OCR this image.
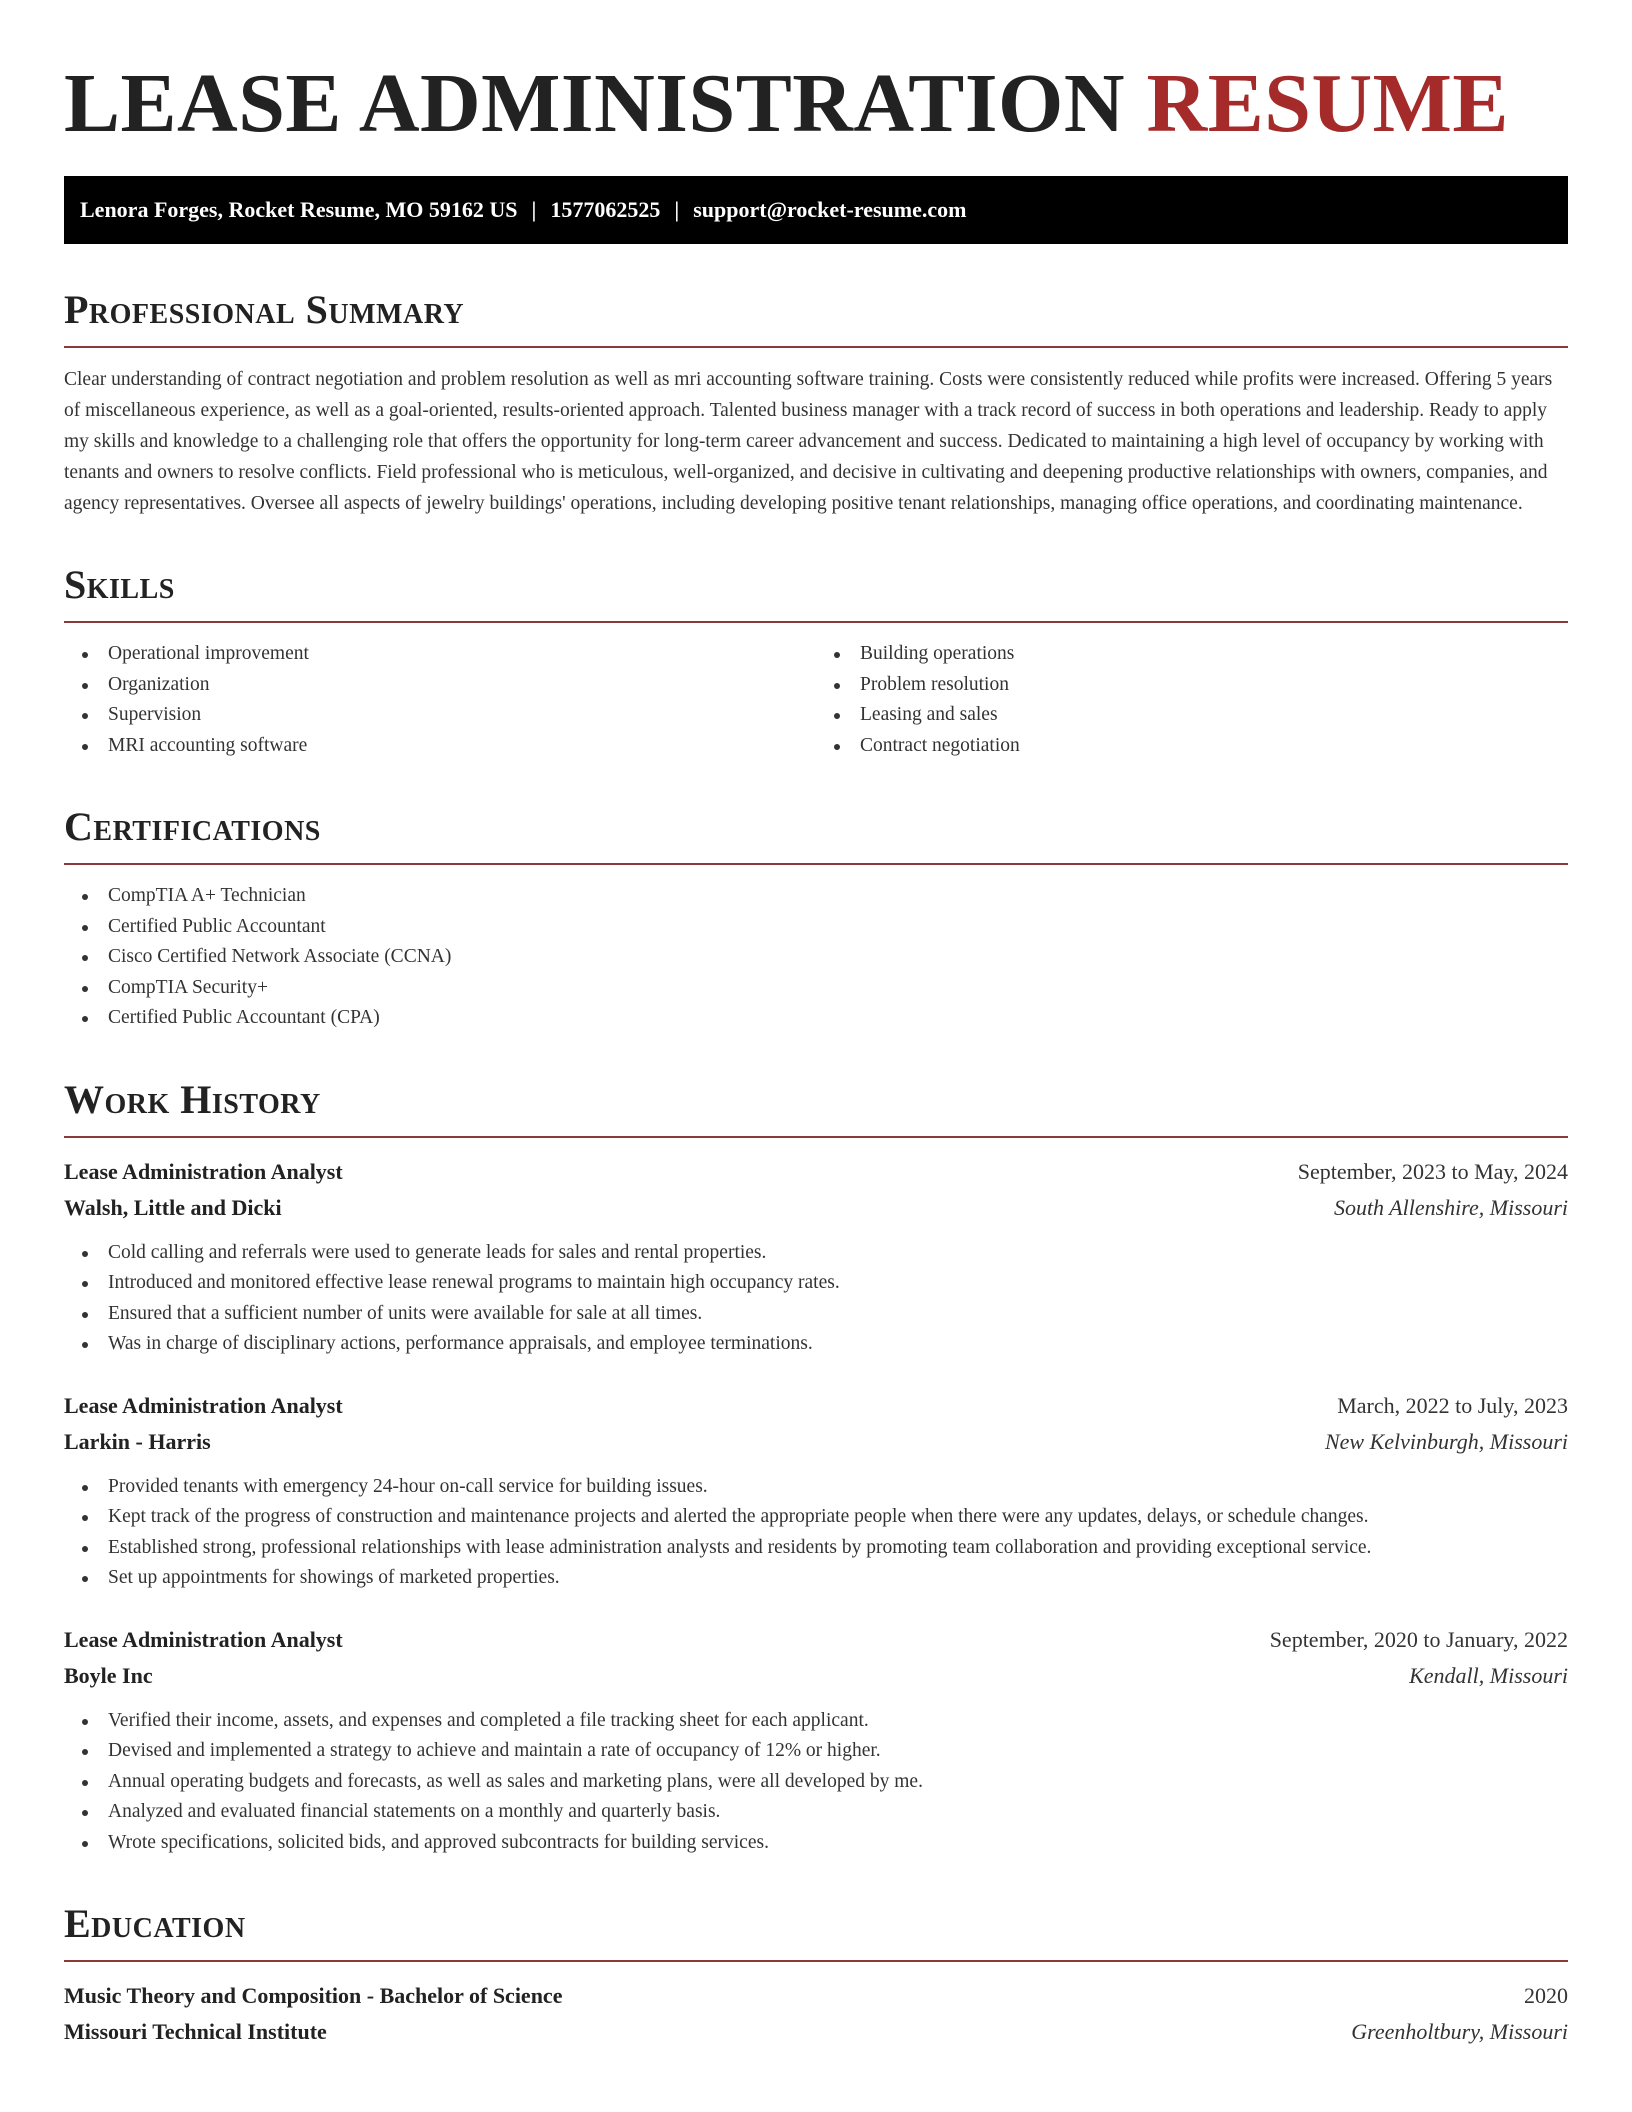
LEASE ADMINISTRATION RESUME
Lenora Forges, Rocket Resume, MO 59162 US | 1577062525 | support@rocket-resume.com
Professional Summary

Clear understanding of contract negotiation and problem resolution as well as mri accounting software training. Costs were consistently reduced while profits were increased. Offering 5 years of miscellaneous experience, as well as a goal-oriented, results-oriented approach. Talented business manager with a track record of success in both operations and leadership. Ready to apply my skills and knowledge to a challenging role that offers the opportunity for long-term career advancement and success. Dedicated to maintaining a high level of occupancy by working with tenants and owners to resolve conflicts. Field professional who is meticulous, well-organized, and decisive in cultivating and deepening productive relationships with owners, companies, and agency representatives. Oversee all aspects of jewelry buildings' operations, including developing positive tenant relationships, managing office operations, and coordinating maintenance.

Skills
Operational improvement
Organization
Supervision
MRI accounting software
Building operations
Problem resolution
Leasing and sales
Contract negotiation
Certifications
CompTIA A+ Technician
Certified Public Accountant
Cisco Certified Network Associate (CCNA)
CompTIA Security+
Certified Public Accountant (CPA)
Work History
Lease Administration Analyst	September, 2023 to May, 2024
Walsh, Little and Dicki	South Allenshire, Missouri
Cold calling and referrals were used to generate leads for sales and rental properties.
Introduced and monitored effective lease renewal programs to maintain high occupancy rates.
Ensured that a sufficient number of units were available for sale at all times.
Was in charge of disciplinary actions, performance appraisals, and employee terminations.
Lease Administration Analyst	March, 2022 to July, 2023
Larkin - Harris	New Kelvinburgh, Missouri
Provided tenants with emergency 24-hour on-call service for building issues.
Kept track of the progress of construction and maintenance projects and alerted the appropriate people when there were any updates, delays, or schedule changes.
Established strong, professional relationships with lease administration analysts and residents by promoting team collaboration and providing exceptional service.
Set up appointments for showings of marketed properties.
Lease Administration Analyst	September, 2020 to January, 2022
Boyle Inc	Kendall, Missouri
Verified their income, assets, and expenses and completed a file tracking sheet for each applicant.
Devised and implemented a strategy to achieve and maintain a rate of occupancy of 12% or higher.
Annual operating budgets and forecasts, as well as sales and marketing plans, were all developed by me.
Analyzed and evaluated financial statements on a monthly and quarterly basis.
Wrote specifications, solicited bids, and approved subcontracts for building services.
Education
Music Theory and Composition - Bachelor of Science	2020
Missouri Technical Institute	Greenholtbury, Missouri
